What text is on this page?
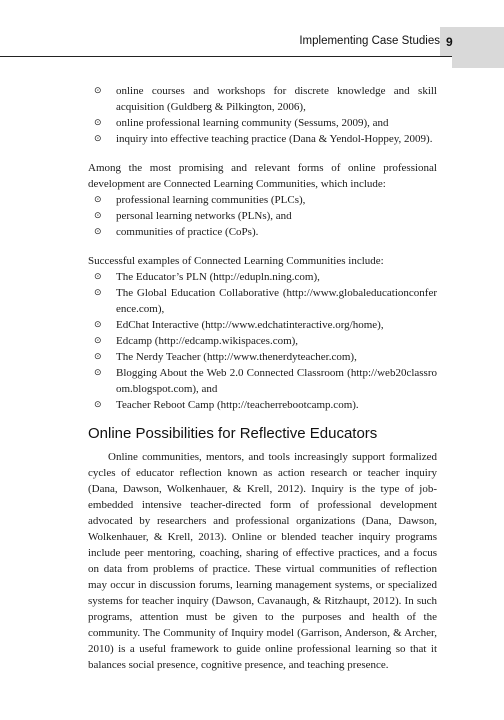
Implementing Case Studies 9
⊙	online courses and workshops for discrete knowledge and skill acquisition (Guldberg & Pilkington, 2006),
⊙	online professional learning community (Sessums, 2009), and
⊙	inquiry into effective teaching practice (Dana & Yendol-Hoppey, 2009).

Among the most promising and relevant forms of online professional development are Connected Learning Communities, which include:

⊙	professional learning communities (PLCs),
⊙	personal learning networks (PLNs), and
⊙	communities of practice (CoPs).

Successful examples of Connected Learning Communities include:

⊙	The Educator’s PLN (http://edupln.ning.com),
⊙	The Global Education Collaborative (http://www.globaleducationconference.com),
⊙	EdChat Interactive (http://www.edchatinteractive.org/home),
⊙	Edcamp (http://edcamp.wikispaces.com),
⊙	The Nerdy Teacher (http://www.thenerdyteacher.com),
⊙	Blogging About the Web 2.0 Connected Classroom (http://web20classroom.blogspot.com), and
⊙	Teacher Reboot Camp (http://teacherrebootcamp.com).
Online Possibilities for Reflective Educators

Online communities, mentors, and tools increasingly support formalized cycles of educator reflection known as action research or teacher inquiry (Dana, Dawson, Wolkenhauer, & Krell, 2012). Inquiry is the type of job-embedded intensive teacher-directed form of professional development advocated by researchers and professional organizations (Dana, Dawson, Wolkenhauer, & Krell, 2013). Online or blended teacher inquiry programs include peer mentoring, coaching, sharing of effective practices, and a focus on data from problems of practice. These virtual communities of reflection may occur in discussion forums, learning management systems, or specialized systems for teacher inquiry (Dawson, Cavanaugh, & Ritzhaupt, 2012). In such programs, attention must be given to the purposes and health of the community. The Community of Inquiry model (Garrison, Anderson, & Archer, 2010) is a useful framework to guide online professional learning so that it balances social presence, cognitive presence, and teaching presence.
